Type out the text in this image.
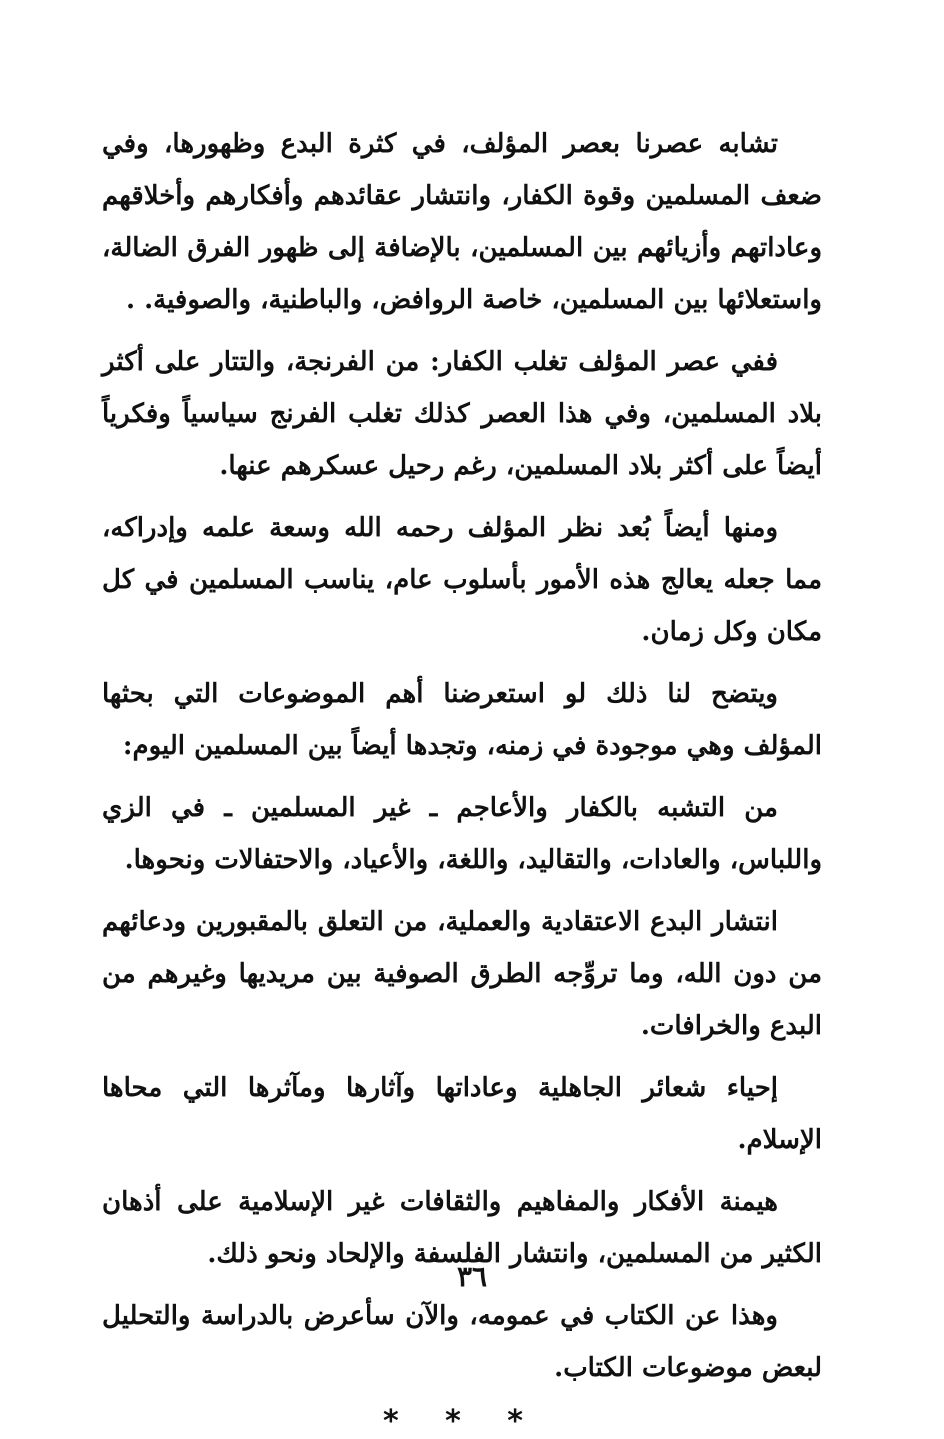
تشابه عصرنا بعصر المؤلف، في كثرة البدع وظهورها، وفي ضعف المسلمين وقوة الكفار، وانتشار عقائدهم وأفكارهم وأخلاقهم وعاداتهم وأزيائهم بين المسلمين، بالإضافة إلى ظهور الفرق الضالة، واستعلائها بين المسلمين، خاصة الروافض، والباطنية، والصوفية. .

ففي عصر المؤلف تغلب الكفار: من الفرنجة، والتتار على أكثر بلاد المسلمين، وفي هذا العصر كذلك تغلب الفرنج سياسياً وفكرياً أيضاً على أكثر بلاد المسلمين، رغم رحيل عسكرهم عنها.

ومنها أيضاً بُعد نظر المؤلف رحمه الله وسعة علمه وإدراكه، مما جعله يعالج هذه الأمور بأسلوب عام، يناسب المسلمين في كل مكان وكل زمان.

ويتضح لنا ذلك لو استعرضنا أهم الموضوعات التي بحثها المؤلف وهي موجودة في زمنه، وتجدها أيضاً بين المسلمين اليوم:

من التشبه بالكفار والأعاجم ـ غير المسلمين ـ في الزي واللباس، والعادات، والتقاليد، واللغة، والأعياد، والاحتفالات ونحوها.

انتشار البدع الاعتقادية والعملية، من التعلق بالمقبورين ودعائهم من دون الله، وما تروِّجه الطرق الصوفية بين مريديها وغيرهم من البدع والخرافات.

إحياء شعائر الجاهلية وعاداتها وآثارها ومآثرها التي محاها الإسلام.

هيمنة الأفكار والمفاهيم والثقافات غير الإسلامية على أذهان الكثير من المسلمين، وانتشار الفلسفة والإلحاد ونحو ذلك.

وهذا عن الكتاب في عمومه، والآن سأعرض بالدراسة والتحليل لبعض موضوعات الكتاب.

* * *
٣٦
